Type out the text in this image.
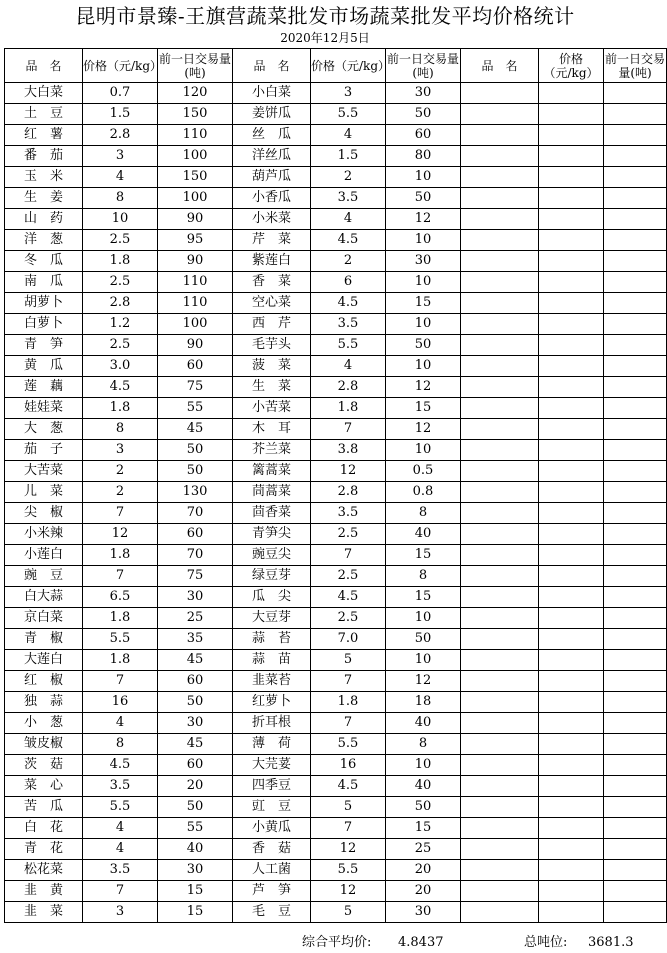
昆明市景臻-王旗营蔬菜批发市场蔬菜批发平均价格统计
2020年12月5日
品　名	价格（元/kg）	前一日交易量(吨)	品　名	价格（元/kg）	前一日交易量(吨)	品　名	价格（元/kg）	前一日交易量(吨)
大白菜	0.7	120	小白菜	3	30			
土　豆	1.5	150	姜饼瓜	5.5	50			
红　薯	2.8	110	丝　瓜	4	60			
番　茄	3	100	洋丝瓜	1.5	80			
玉　米	4	150	葫芦瓜	2	10			
生　姜	8	100	小香瓜	3.5	50			
山　药	10	90	小米菜	4	12			
洋　葱	2.5	95	芹　菜	4.5	10			
冬　瓜	1.8	90	紫莲白	2	30			
南　瓜	2.5	110	香　菜	6	10			
胡萝卜	2.8	110	空心菜	4.5	15			
白萝卜	1.2	100	西　芹	3.5	10			
青　笋	2.5	90	毛芋头	5.5	50			
黄　瓜	3.0	60	菠　菜	4	10			
莲　藕	4.5	75	生　菜	2.8	12			
娃娃菜	1.8	55	小苦菜	1.8	15			
大　葱	8	45	木　耳	7	12			
茄　子	3	50	芥兰菜	3.8	10			
大苦菜	2	50	篱蒿菜	12	0.5			
儿　菜	2	130	茼蒿菜	2.8	0.8			
尖　椒	7	70	茴香菜	3.5	8			
小米辣	12	60	青笋尖	2.5	40			
小莲白	1.8	70	豌豆尖	7	15			
豌　豆	7	75	绿豆芽	2.5	8			
白大蒜	6.5	30	瓜　尖	4.5	15			
京白菜	1.8	25	大豆芽	2.5	10			
青　椒	5.5	35	蒜　苔	7.0	50			
大莲白	1.8	45	蒜　苗	5	10			
红　椒	7	60	韭菜苔	7	12			
独　蒜	16	50	红萝卜	1.8	18			
小　葱	4	30	折耳根	7	40			
皱皮椒	8	45	薄　荷	5.5	8			
茨　菇	4.5	60	大芫荽	16	10			
菜　心	3.5	20	四季豆	4.5	40			
苦　瓜	5.5	50	豇　豆	5	50			
白　花	4	55	小黄瓜	7	15			
青　花	4	40	香　菇	12	25			
松花菜	3.5	30	人工菌	5.5	20			
韭　黄	7	15	芦　笋	12	20			
韭　菜	3	15	毛　豆	5	30			
综合平均价: 4.8437	总吨位: 3681.3
